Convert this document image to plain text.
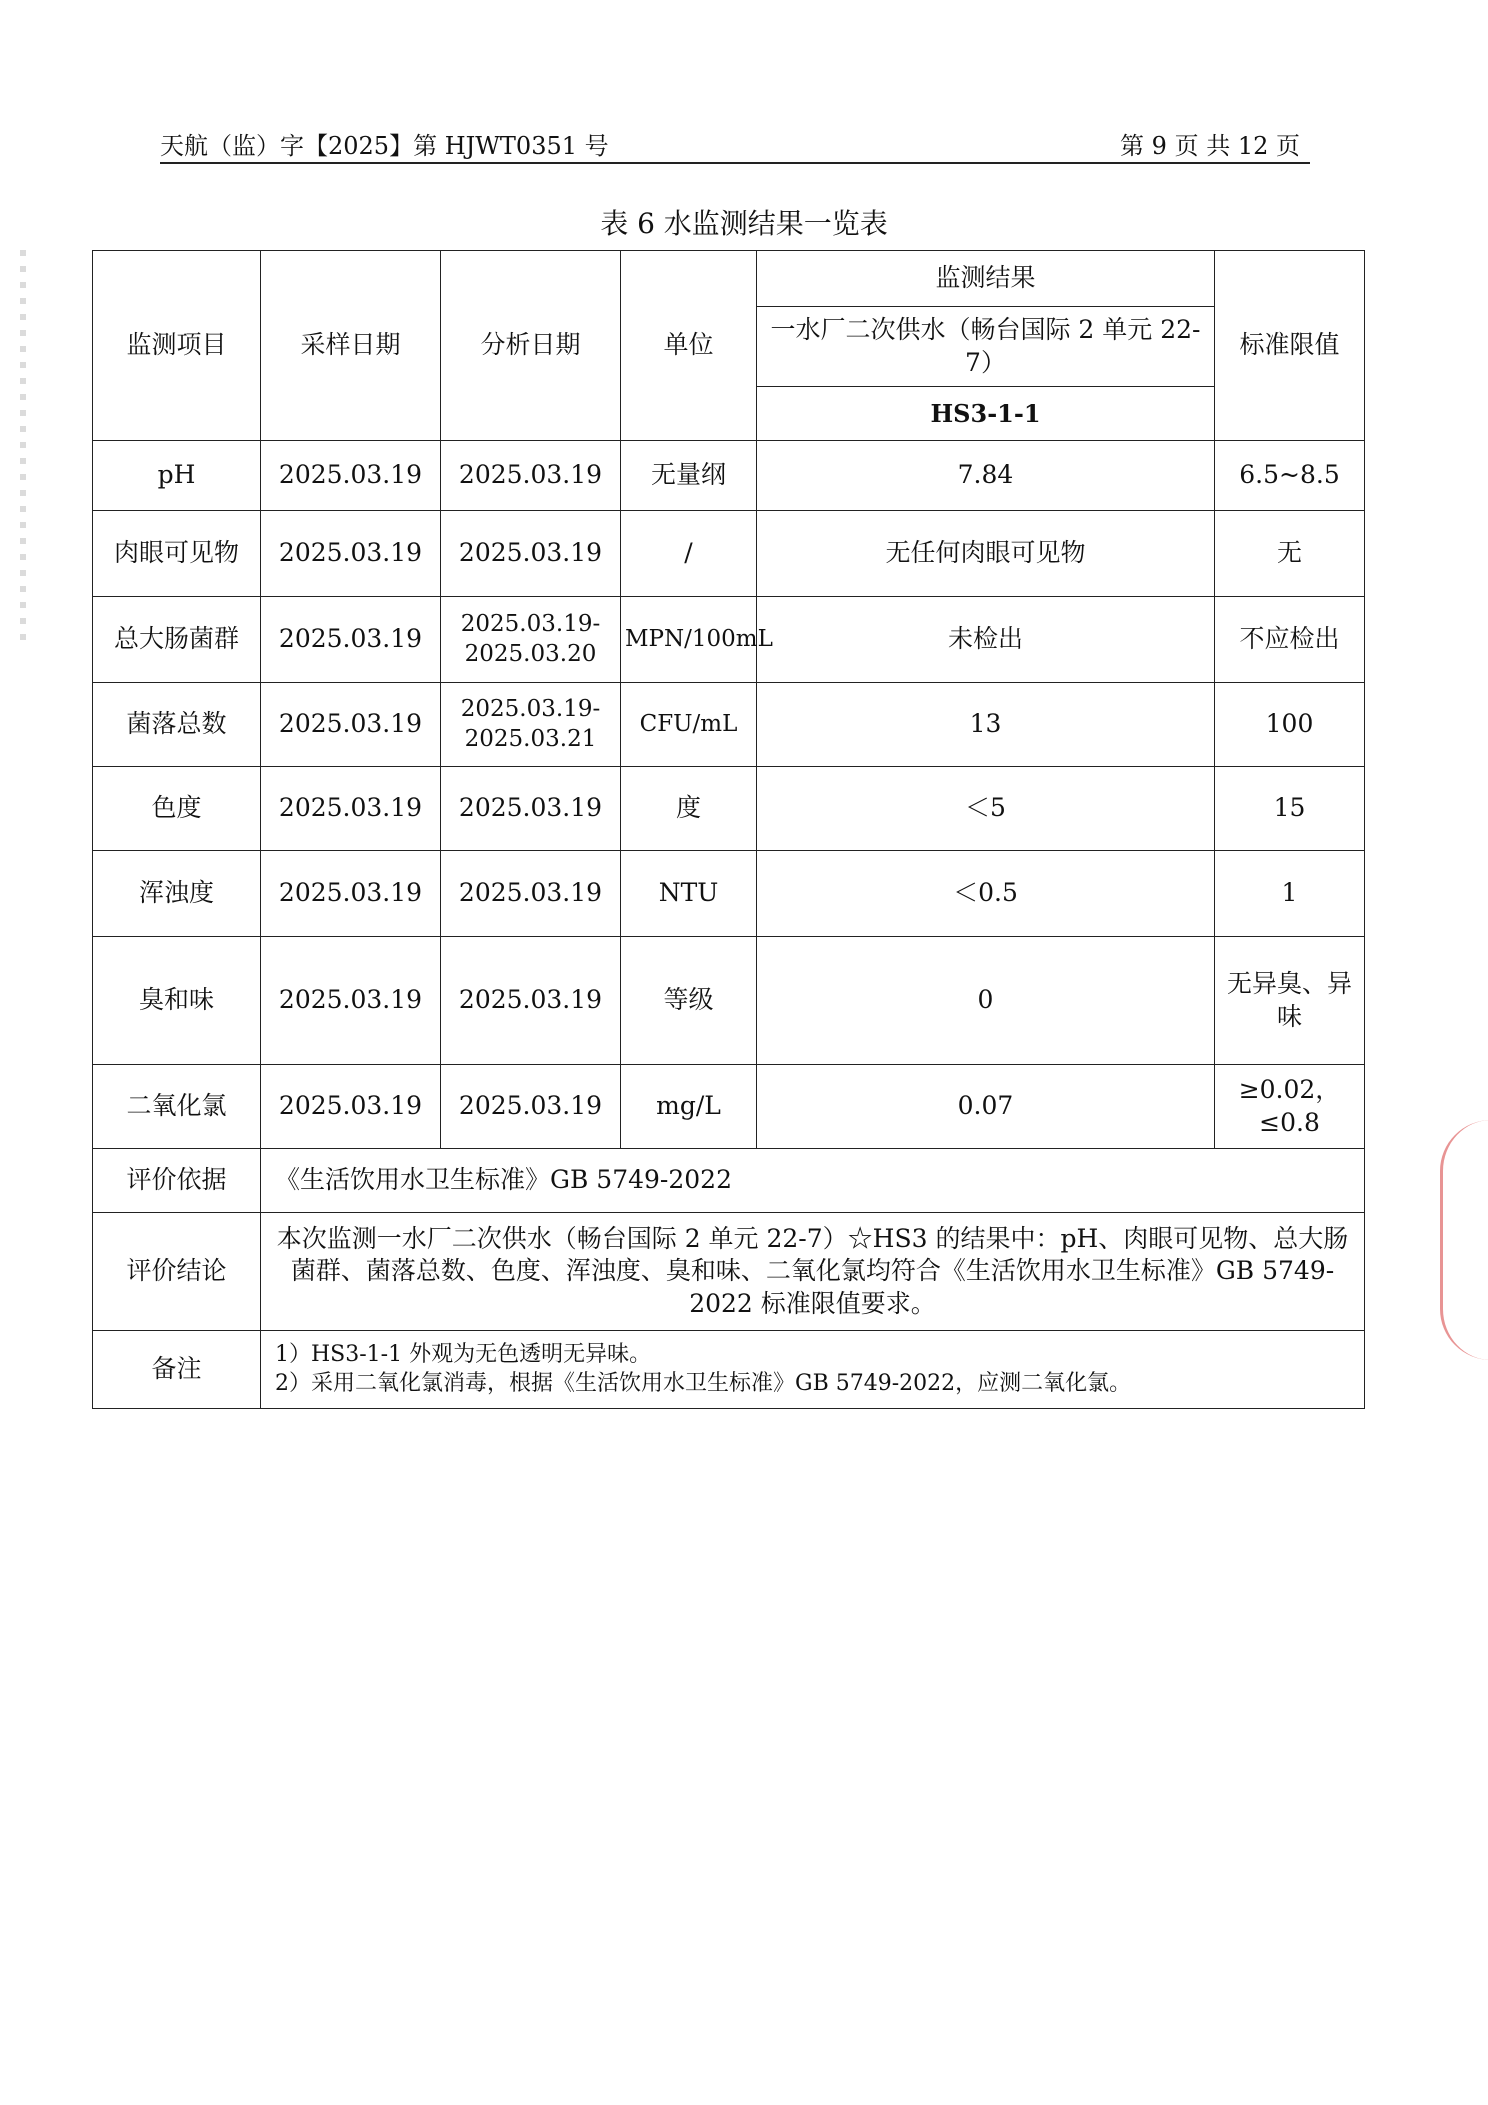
天航（监）字【2025】第 HJWT0351 号	第 9 页 共 12 页
表 6 水监测结果一览表
监测项目	采样日期	分析日期	单位	监测结果	标准限值
				一水厂二次供水（畅台国际 2 单元 22-7）	
				HS3-1-1	
pH	2025.03.19	2025.03.19	无量纲	7.84	6.5~8.5
肉眼可见物	2025.03.19	2025.03.19	/	无任何肉眼可见物	无
总大肠菌群	2025.03.19	2025.03.19-2025.03.20	MPN/100mL	未检出	不应检出
菌落总数	2025.03.19	2025.03.19-2025.03.21	CFU/mL	13	100
色度	2025.03.19	2025.03.19	度	＜5	15
浑浊度	2025.03.19	2025.03.19	NTU	＜0.5	1
臭和味	2025.03.19	2025.03.19	等级	0	无异臭、异味
二氧化氯	2025.03.19	2025.03.19	mg/L	0.07	≥0.02，≤0.8
评价依据	《生活饮用水卫生标准》GB 5749-2022				
评价结论	本次监测一水厂二次供水（畅台国际 2 单元 22-7）☆HS3 的结果中：pH、肉眼可见物、总大肠菌群、菌落总数、色度、浑浊度、臭和味、二氧化氯均符合《生活饮用水卫生标准》GB 5749-2022 标准限值要求。				
备注	1）HS3-1-1 外观为无色透明无异味。
2）采用二氧化氯消毒，根据《生活饮用水卫生标准》GB 5749-2022，应测二氧化氯。				
